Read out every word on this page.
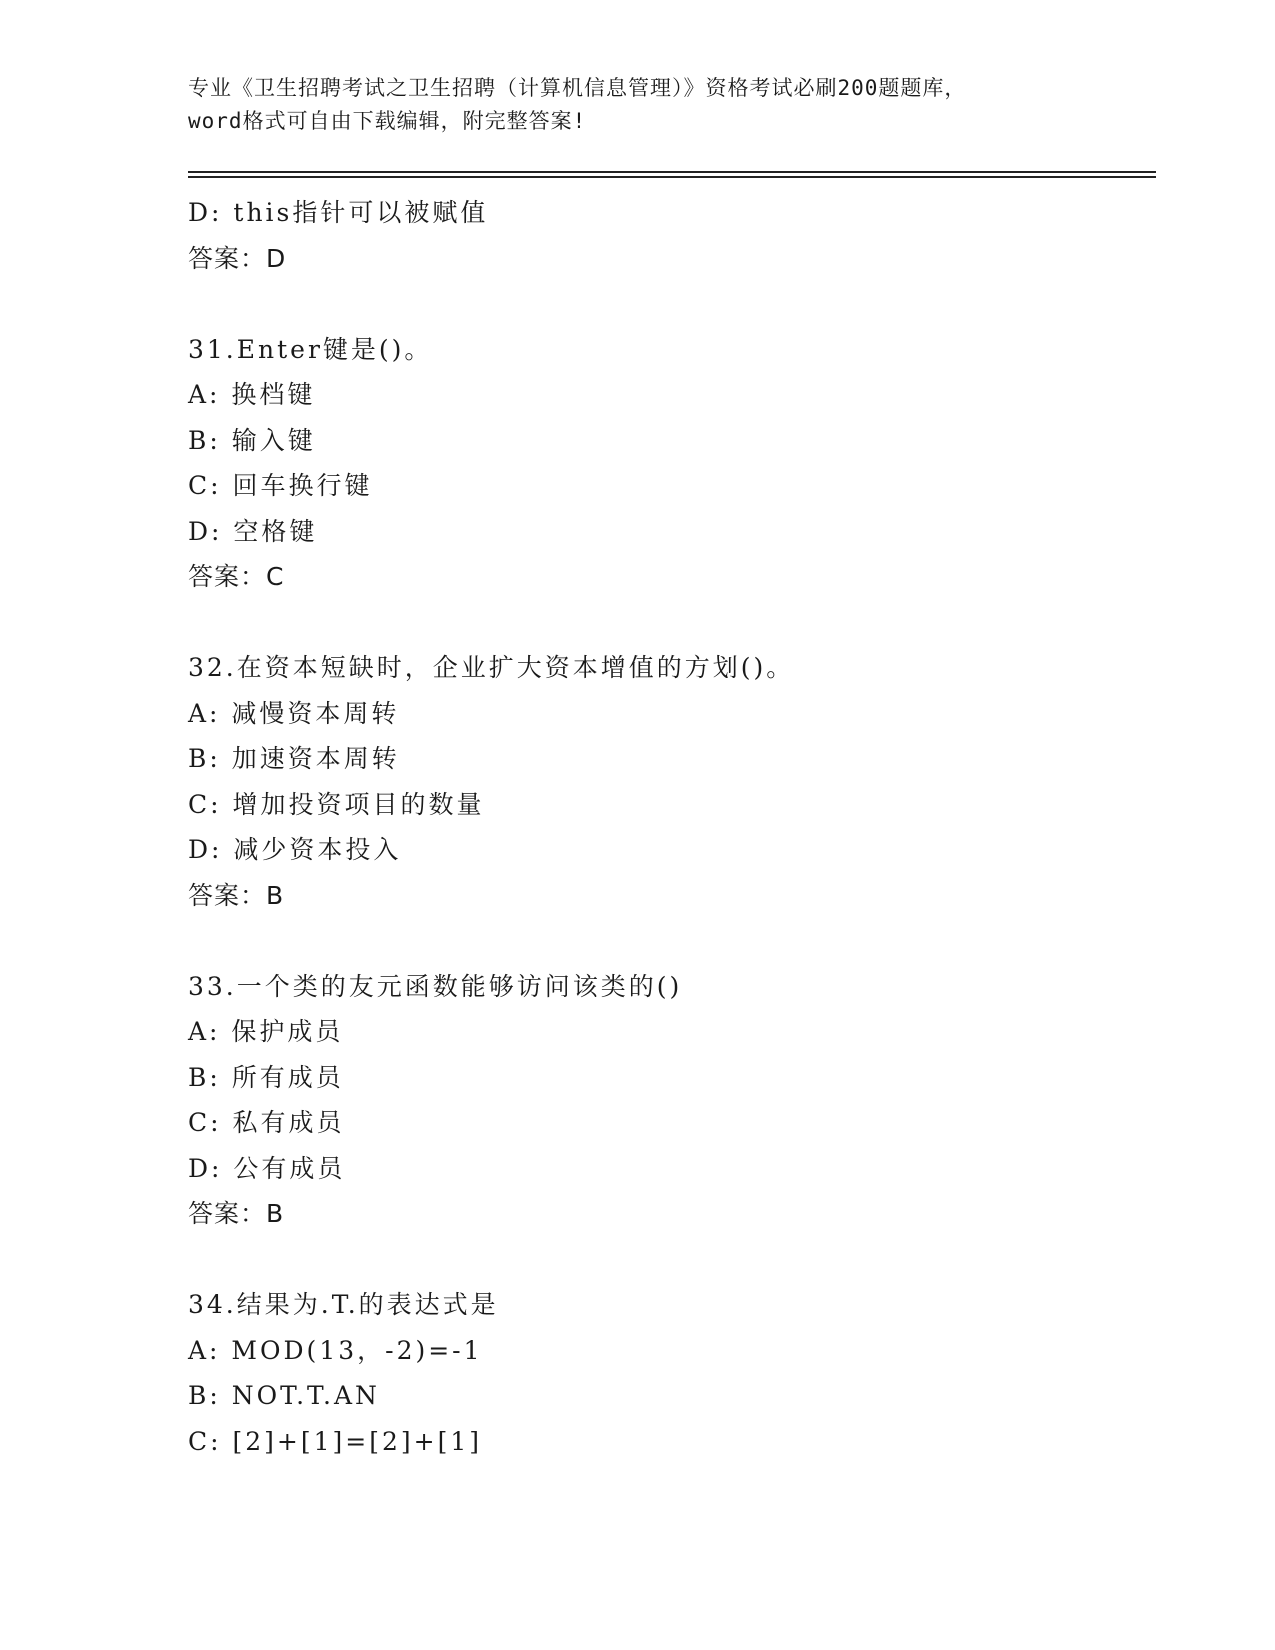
专业《卫生招聘考试之卫生招聘（计算机信息管理）》资格考试必刷200题题库，
word格式可自由下载编辑，附完整答案!
D: this指针可以被赋值
答案：D
31.Enter键是()。
A: 换档键
B: 输入键
C: 回车换行键
D: 空格键
答案：C
32.在资本短缺时，企业扩大资本增值的方划()。
A: 减慢资本周转
B: 加速资本周转
C: 增加投资项目的数量
D: 减少资本投入
答案：B
33.一个类的友元函数能够访问该类的()
A: 保护成员
B: 所有成员
C: 私有成员
D: 公有成员
答案：B
34.结果为.T.的表达式是
A: MOD(13，-2)=-1
B: NOT.T.AN
C: [2]+[1]=[2]+[1]
